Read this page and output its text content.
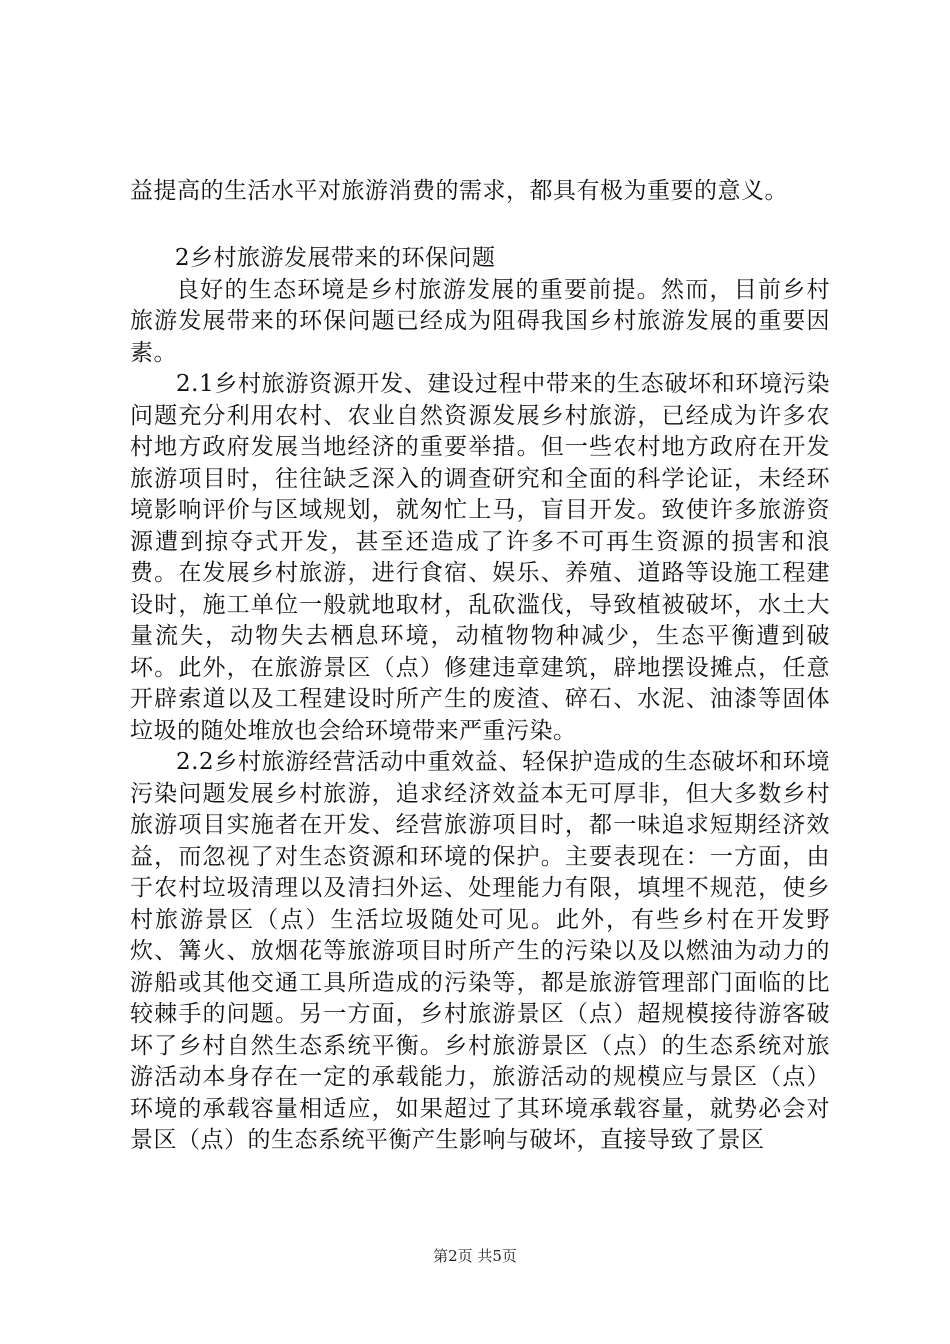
益提高的生活水平对旅游消费的需求，都具有极为重要的意义。

2乡村旅游发展带来的环保问题

良好的生态环境是乡村旅游发展的重要前提。然而，目前乡村旅游发展带来的环保问题已经成为阻碍我国乡村旅游发展的重要因素。

2.1乡村旅游资源开发、建设过程中带来的生态破坏和环境污染问题充分利用农村、农业自然资源发展乡村旅游，已经成为许多农村地方政府发展当地经济的重要举措。但一些农村地方政府在开发旅游项目时，往往缺乏深入的调查研究和全面的科学论证，未经环境影响评价与区域规划，就匆忙上马，盲目开发。致使许多旅游资源遭到掠夺式开发，甚至还造成了许多不可再生资源的损害和浪费。在发展乡村旅游，进行食宿、娱乐、养殖、道路等设施工程建设时，施工单位一般就地取材，乱砍滥伐，导致植被破坏，水土大量流失，动物失去栖息环境，动植物物种减少，生态平衡遭到破坏。此外，在旅游景区（点）修建违章建筑，辟地摆设摊点，任意开辟索道以及工程建设时所产生的废渣、碎石、水泥、油漆等固体垃圾的随处堆放也会给环境带来严重污染。

2.2乡村旅游经营活动中重效益、轻保护造成的生态破坏和环境污染问题发展乡村旅游，追求经济效益本无可厚非，但大多数乡村旅游项目实施者在开发、经营旅游项目时，都一味追求短期经济效益，而忽视了对生态资源和环境的保护。主要表现在：一方面，由于农村垃圾清理以及清扫外运、处理能力有限，填埋不规范，使乡村旅游景区（点）生活垃圾随处可见。此外，有些乡村在开发野炊、篝火、放烟花等旅游项目时所产生的污染以及以燃油为动力的游船或其他交通工具所造成的污染等，都是旅游管理部门面临的比较棘手的问题。另一方面，乡村旅游景区（点）超规模接待游客破坏了乡村自然生态系统平衡。乡村旅游景区（点）的生态系统对旅游活动本身存在一定的承载能力，旅游活动的规模应与景区（点）环境的承载容量相适应，如果超过了其环境承载容量，就势必会对景区（点）的生态系统平衡产生影响与破坏，直接导致了景区

第2页 共5页
